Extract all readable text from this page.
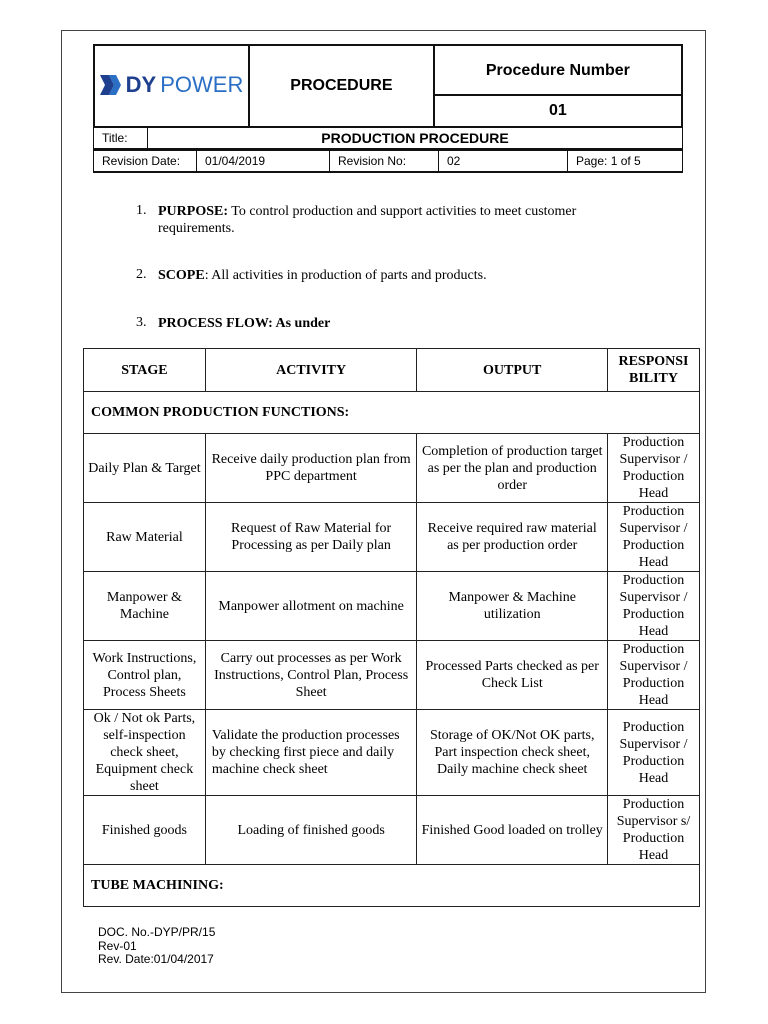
DY POWER	PROCEDURE	Procedure Number
01
Title:	PRODUCTION PROCEDURE
Revision Date:	01/04/2019	Revision No:	02	Page: 1 of 5
1. PURPOSE: To control production and support activities to meet customer requirements.
2. SCOPE: All activities in production of parts and products.
3. PROCESS FLOW: As under
STAGE	ACTIVITY	OUTPUT	RESPONSI BILITY
COMMON PRODUCTION FUNCTIONS:			
Daily Plan & Target	Receive daily production plan from PPC department	Completion of production target as per the plan and production order	Production Supervisor / Production Head
Raw Material	Request of Raw Material for Processing as per Daily plan	Receive required raw material as per production order	Production Supervisor / Production Head
Manpower & Machine	Manpower allotment on machine	Manpower & Machine utilization	Production Supervisor / Production Head
Work Instructions, Control plan, Process Sheets	Carry out processes as per Work Instructions, Control Plan, Process Sheet	Processed Parts checked as per Check List	Production Supervisor / Production Head
Ok / Not ok Parts, self-inspection check sheet, Equipment check sheet	Validate the production processes by checking first piece and daily machine check sheet	Storage of OK/Not OK parts, Part inspection check sheet, Daily machine check sheet	Production Supervisor / Production Head
Finished goods	Loading of finished goods	Finished Good loaded on trolley	Production Supervisor s/ Production Head
TUBE MACHINING:			
DOC. No.-DYP/PR/15
Rev-01
Rev. Date:01/04/2017
